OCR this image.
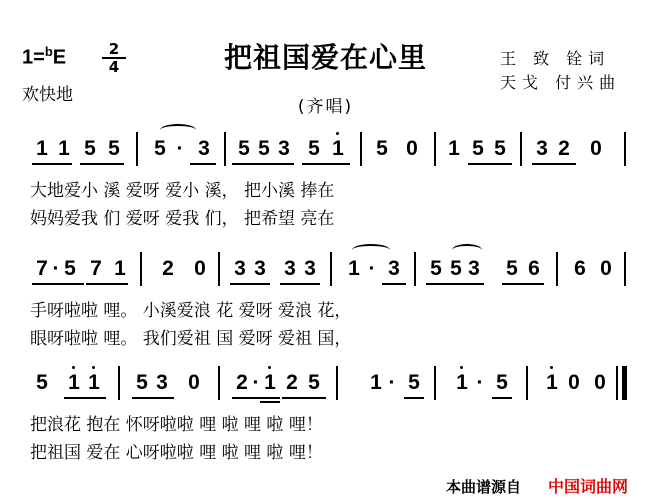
1=$^b$E	2
4	把祖国爱在心里
欢快地
(齐唱)
王 致 铨词
天戈 付兴曲
1 1 5 5 5 · 3 5 5 3 5 1 5 0 1 5 5 3 2 0
大地爱小 溪 爱呀 爱小 溪， 把小溪 捧在
妈妈爱我 们 爱呀 爱我 们， 把希望 亮在
7 · 5 7 1 2 0 3 3 3 3 1 · 3 5 5 3 5 6 6 0
手呀啦啦 哩。 小溪爱浪 花 爱呀 爱浪 花，
眼呀啦啦 哩。 我们爱祖 国 爱呀 爱祖 国，
5 1 1 5 3 0 2 · 1 2 5 1 · 5 1 · 5 1 0 0
把浪花 抱在 怀呀啦啦 哩 啦 哩 啦 哩！
把祖国 爱在 心呀啦啦 哩 啦 哩 啦 哩！
本曲谱源自 中国词曲网
